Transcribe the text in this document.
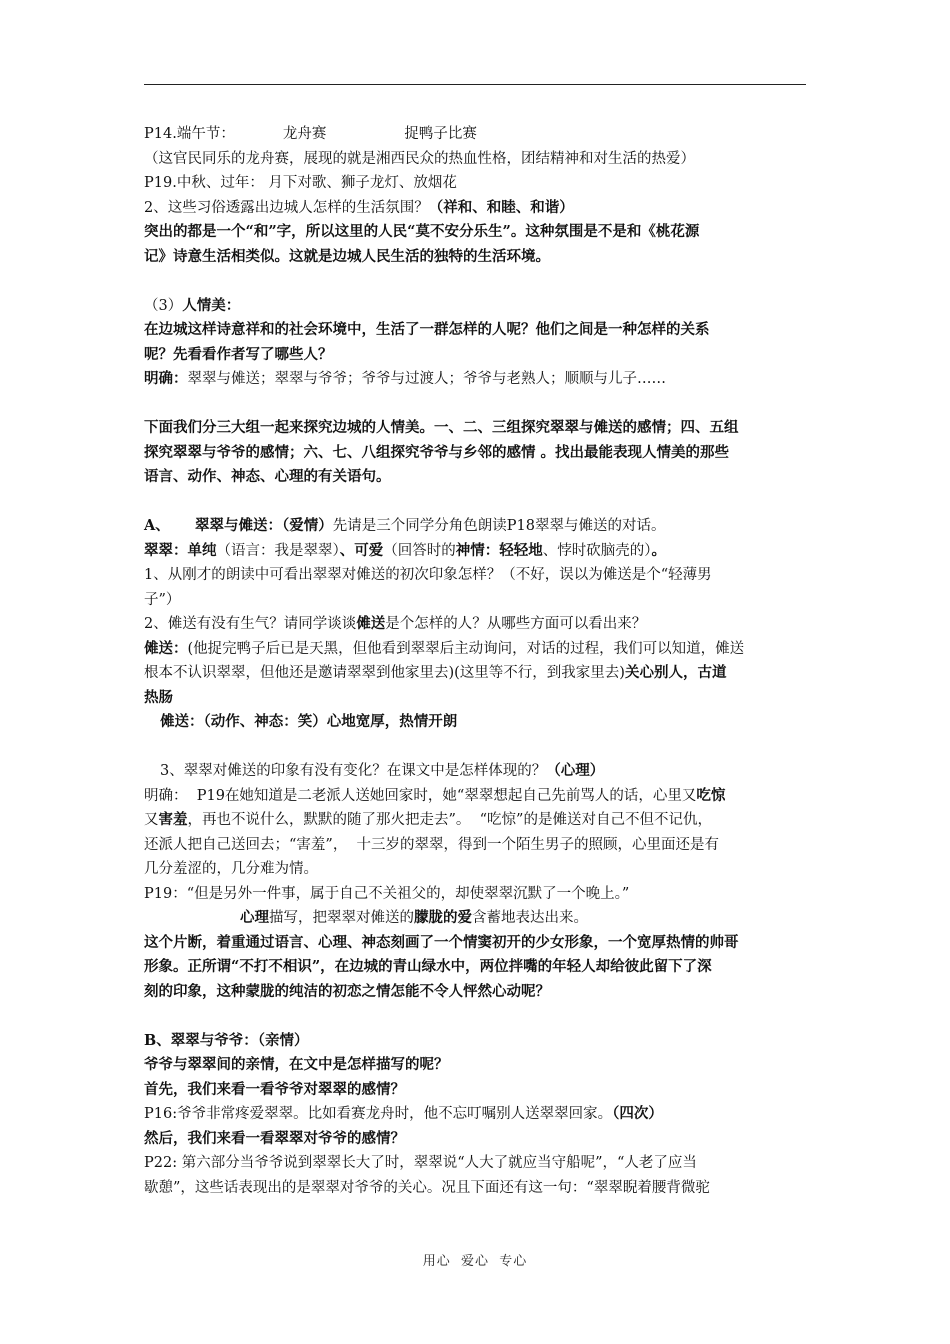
P14.端午节：	龙舟赛	捉鸭子比赛
（这官民同乐的龙舟赛，展现的就是湘西民众的热血性格，团结精神和对生活的热爱）
P19.中秋、过年： 月下对歌、狮子龙灯、放烟花
2、这些习俗透露出边城人怎样的生活氛围？（祥和、和睦、和谐）
突出的都是一个“和”字，所以这里的人民“莫不安分乐生”。这种氛围是不是和《桃花源
记》诗意生活相类似。这就是边城人民生活的独特的生活环境。
（3）人情美：
在边城这样诗意祥和的社会环境中，生活了一群怎样的人呢？他们之间是一种怎样的关系
呢？先看看作者写了哪些人？
明确：翠翠与傩送；翠翠与爷爷；爷爷与过渡人；爷爷与老熟人；顺顺与儿子……
下面我们分三大组一起来探究边城的人情美。一、二、三组探究翠翠与傩送的感情；四、五组
探究翠翠与爷爷的感情；六、七、八组探究爷爷与乡邻的感情 。找出最能表现人情美的那些
语言、动作、神态、心理的有关语句。
A、     翠翠与傩送：（爱情）先请是三个同学分角色朗读P18翠翠与傩送的对话。
翠翠：单纯（语言：我是翠翠）、可爱（回答时的神情：轻轻地、悖时砍脑壳的）。
1、从刚才的朗读中可看出翠翠对傩送的初次印象怎样？（不好，误以为傩送是个“轻薄男
子”）
2、傩送有没有生气？请同学谈谈傩送是个怎样的人？从哪些方面可以看出来？
傩送：(他捉完鸭子后已是天黑，但他看到翠翠后主动询问，对话的过程，我们可以知道，傩送
根本不认识翠翠，但他还是邀请翠翠到他家里去)(这里等不行，到我家里去)关心别人，古道
热肠
傩送：（动作、神态：笑）心地宽厚，热情开朗
3、翠翠对傩送的印象有没有变化？在课文中是怎样体现的？（心理）
明确：  P19在她知道是二老派人送她回家时，她“翠翠想起自己先前骂人的话，心里又吃惊
又害羞，再也不说什么，默默的随了那火把走去”。  “吃惊”的是傩送对自己不但不记仇，
还派人把自己送回去；“害羞”，  十三岁的翠翠，得到一个陌生男子的照顾，心里面还是有
几分羞涩的，几分难为情。
P19：“但是另外一件事，属于自己不关祖父的，却使翠翠沉默了一个晚上。”
心理描写，把翠翠对傩送的朦胧的爱含蓄地表达出来。
这个片断，着重通过语言、心理、神态刻画了一个情窦初开的少女形象，一个宽厚热情的帅哥
形象。正所谓“不打不相识”，在边城的青山绿水中，两位拌嘴的年轻人却给彼此留下了深
刻的印象，这种蒙胧的纯洁的初恋之情怎能不令人怦然心动呢？
B、翠翠与爷爷：（亲情）
爷爷与翠翠间的亲情，在文中是怎样描写的呢？
首先，我们来看一看爷爷对翠翠的感情？
P16:爷爷非常疼爱翠翠。比如看赛龙舟时，他不忘叮嘱别人送翠翠回家。（四次）
然后，我们来看一看翠翠对爷爷的感情？
P22: 第六部分当爷爷说到翠翠长大了时，翠翠说“人大了就应当守船呢”，“人老了应当
歇憩”，这些话表现出的是翠翠对爷爷的关心。况且下面还有这一句：“翠翠睨着腰背微驼
用心  爱心  专心
